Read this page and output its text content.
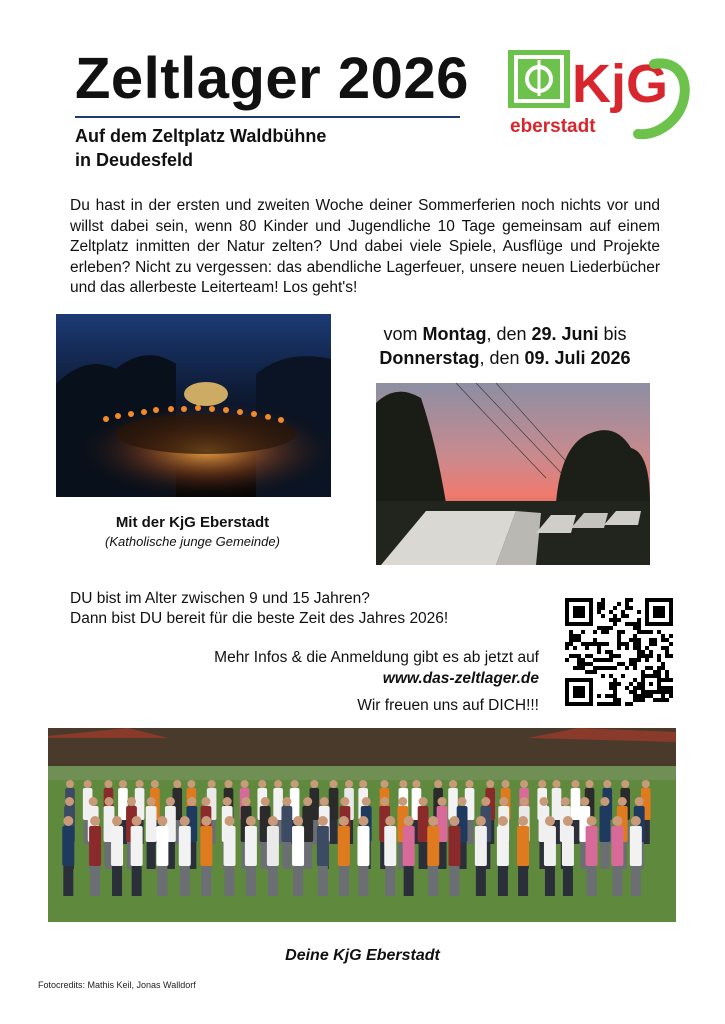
Zeltlager 2026
Auf dem Zeltplatz Waldbühne
in Deudesfeld
KjG
eberstadt
Du hast in der ersten und zweiten Woche deiner Sommerferien noch nichts vor und willst dabei sein, wenn 80 Kinder und Jugendliche 10 Tage gemeinsam auf einem Zeltplatz inmitten der Natur zelten? Und dabei viele Spiele, Ausflüge und Projekte erleben? Nicht zu vergessen: das abendliche Lagerfeuer, unsere neuen Liederbücher und das allerbeste Leiterteam! Los geht's!
vom Montag, den 29. Juni bis
Donnerstag, den 09. Juli 2026
Mit der KjG Eberstadt
(Katholische junge Gemeinde)
DU bist im Alter zwischen 9 und 15 Jahren?
Dann bist DU bereit für die beste Zeit des Jahres 2026!
Mehr Infos & die Anmeldung gibt es ab jetzt auf
www.das-zeltlager.de
Wir freuen uns auf DICH!!!
Deine KjG Eberstadt
Fotocredits: Mathis Keil, Jonas Walldorf
